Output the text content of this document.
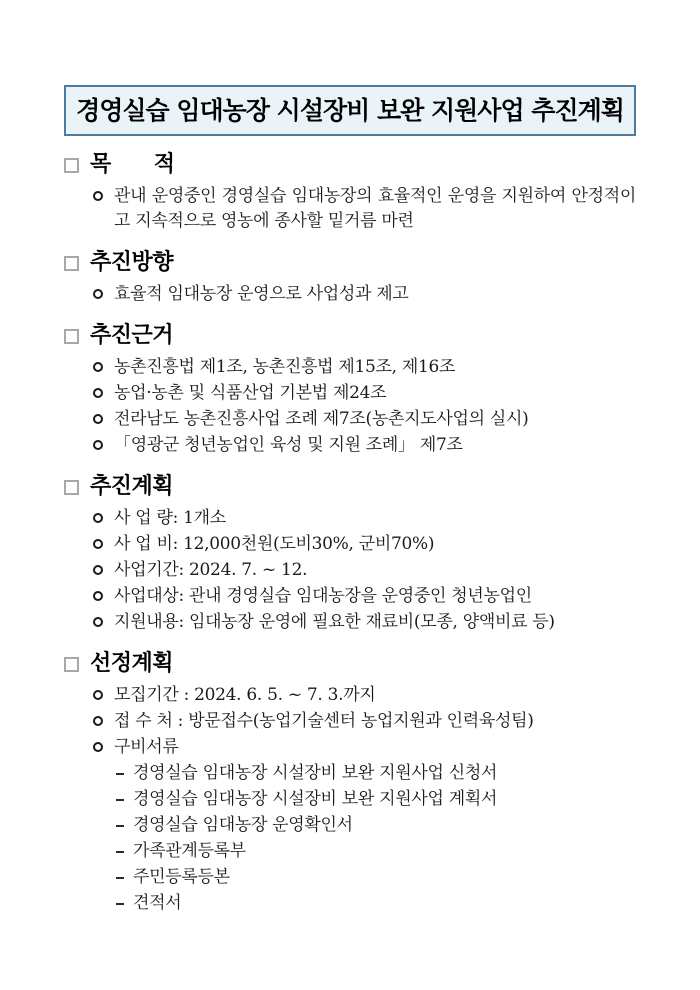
경영실습 임대농장 시설장비 보완 지원사업 추진계획
목      적
관내 운영중인 경영실습 임대농장의 효율적인 운영을 지원하여 안정적이고 지속적으로 영농에 종사할 밑거름 마련
추진방향
효율적 임대농장 운영으로 사업성과 제고
추진근거
농촌진흥법 제1조, 농촌진흥법 제15조, 제16조
농업·농촌 및 식품산업 기본법 제24조
전라남도 농촌진흥사업 조례 제7조(농촌지도사업의 실시)
「영광군 청년농업인 육성 및 지원 조례」 제7조
추진계획
사 업 량: 1개소
사 업 비: 12,000천원(도비30%, 군비70%)
사업기간: 2024. 7. ~ 12.
사업대상: 관내 경영실습 임대농장을 운영중인 청년농업인
지원내용: 임대농장 운영에 필요한 재료비(모종, 양액비료 등)
선정계획
모집기간 : 2024. 6. 5. ~ 7. 3.까지
접 수 처 : 방문접수(농업기술센터 농업지원과 인력육성팀)
구비서류
경영실습 임대농장 시설장비 보완 지원사업 신청서
경영실습 임대농장 시설장비 보완 지원사업 계획서
경영실습 임대농장 운영확인서
가족관계등록부
주민등록등본
견적서
